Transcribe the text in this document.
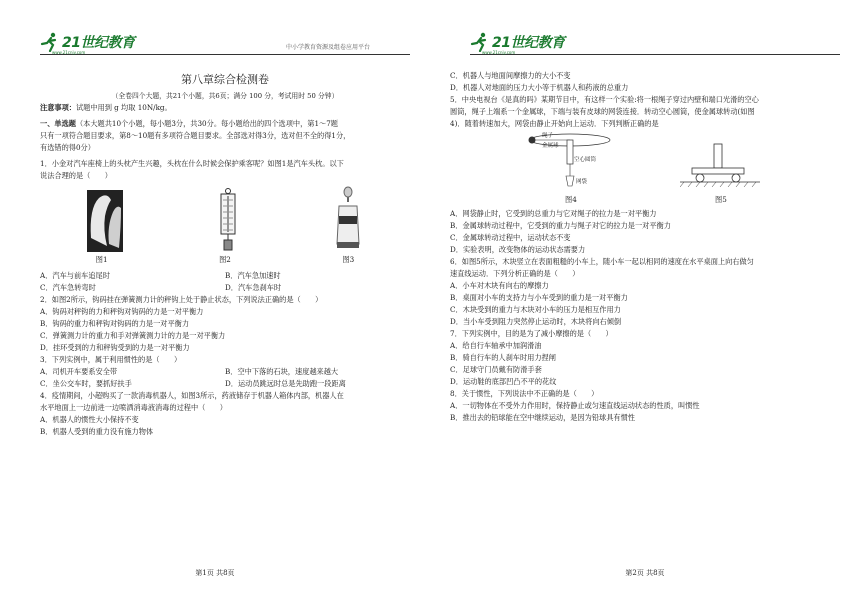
21世纪教育
www.21cnjy.com
中小学教育资源及组卷应用平台
第八章综合检测卷
（全卷四个大题，共21个小题，共6页；满分 100 分，考试用时 50 分钟）
注意事项：试题中用到 g 均取 10N/kg。
一、单选题（本大题共10个小题，每小题3分，共30分。每小题给出的四个选项中，第1～7题
只有一项符合题目要求，第8～10题有多项符合题目要求。全部选对得3分，选对但不全的得1分，
有选错的得0分）
1．小金对汽车座椅上的头枕产生兴趣，头枕在什么时候会保护乘客呢？如图1是汽车头枕。以下
说法合理的是（　　）
图1	图2	图3
A．汽车与前车追尾时	B．汽车急加速时
C．汽车急转弯时	D．汽车急刹车时
2．如图2所示，钩码挂在弹簧测力计的秤钩上处于静止状态，下列说法正确的是（　　）
A．钩码对秤钩的力和秤钩对钩码的力是一对平衡力
B．钩码的重力和秤钩对钩码的力是一对平衡力
C．弹簧测力计的重力和手对弹簧测力计的力是一对平衡力
D．挂环受到的力和秤钩受到的力是一对平衡力
3．下列实例中，属于利用惯性的是（　　）
A．司机开车要系安全带	B．空中下落的石块，速度越来越大
C．坐公交车时，要抓好扶手	D．运动员跳远时总是先助跑一段距离
4．疫情期间，小超购买了一款消毒机器人，如图3所示，药液储存于机器人箱体内部，机器人在
水平地面上一边前进一边喷洒消毒液消毒的过程中（　　）
A．机器人的惯性大小保持不变
B．机器人受到的重力没有施力物体
第1页 共8页
21世纪教育
www.21cnjy.com
C．机器人与地面间摩擦力的大小不变
D．机器人对地面的压力大小等于机器人和药液的总重力
5．中央电视台《是真的吗》某期节目中，有这样一个实验:将一根绳子穿过内壁和端口光滑的空心
圆筒，绳子上端系一个金属球，下端与装有皮球的网袋连接．转动空心圆筒，使金属球转动(如图
4)．随着转速加大，网袋由静止开始向上运动．下列判断正确的是
绳子
金属球
空心圆筒
网袋
图4	图5
A．网袋静止时，它受到的总重力与它对绳子的拉力是一对平衡力
B．金属球转动过程中，它受到的重力与绳子对它的拉力是一对平衡力
C．金属球转动过程中，运动状态不变
D．实验表明，改变物体的运动状态需要力
6．如图5所示，木块竖立在表面粗糙的小车上，随小车一起以相同的速度在水平桌面上向右做匀
速直线运动．下列分析正确的是（　　）
A．小车对木块有向右的摩擦力
B．桌面对小车的支持力与小车受到的重力是一对平衡力
C．木块受到的重力与木块对小车的压力是相互作用力
D．当小车受到阻力突然停止运动时，木块将向右倾倒
7．下列实例中，目的是为了减小摩擦的是（　　）
A．给自行车轴承中加润滑油
B．骑自行车的人刹车时用力捏闸
C．足球守门员戴有防滑手套
D．运动鞋的底部凹凸不平的花纹
8．关于惯性，下列说法中不正确的是（　　）
A．一切物体在不受外力作用时，保持静止或匀速直线运动状态的性质，叫惯性
B．推出去的铅球能在空中继续运动，是因为铅球具有惯性
第2页 共8页
